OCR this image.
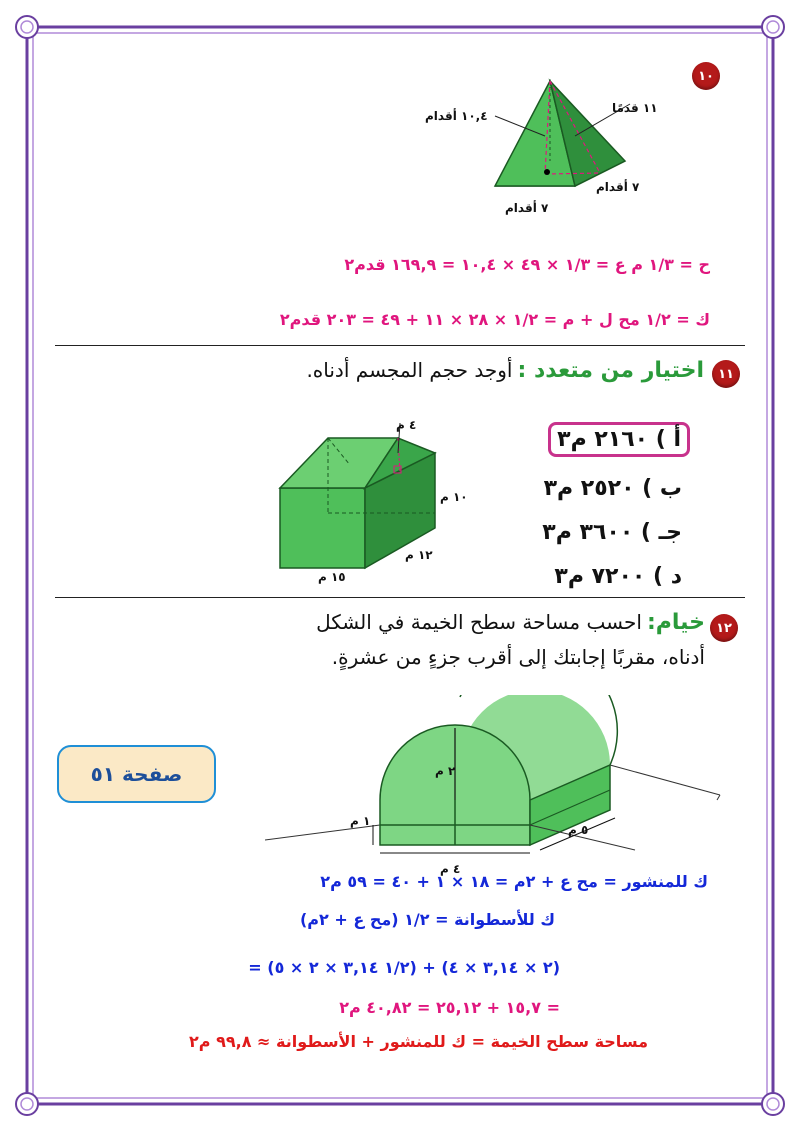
١٠
١٠,٤ أقدام
١١ قدمًا
٧ أقدام
٧ أقدام
ح = ١/٣ م ع = ١/٣ × ٤٩ × ١٠,٤ = ١٦٩,٩ قدم٢
ك = ١/٢ مح ل + م = ١/٢ × ٢٨ × ١١ + ٤٩ = ٢٠٣ قدم٢
١١
اختيار من متعدد : أوجد حجم المجسم أدناه.
٤ م
١٠ م
١٢ م
١٥ م
أ ) ٢١٦٠ م٣
ب ) ٢٥٢٠ م٣
جـ ) ٣٦٠٠ م٣
د ) ٧٢٠٠ م٣
١٢
خيام: احسب مساحة سطح الخيمة في الشكل
أدناه، مقربًا إجابتك إلى أقرب جزءٍ من عشرةٍ.
صفحة ٥١	٢ م
١ م
٤ م
٥ م
ك للمنشور = مح ع + ٢م = ١٨ × ١ + ٤٠ = ٥٩ م٢
ك للأسطوانة = ١/٢ (مح ع + ٢م)
= (١/٢ ٣,١٤ × ٢ × ٥) + (٢ × ٣,١٤ × ٤)
= ١٥,٧ + ٢٥,١٢ = ٤٠,٨٢ م٢
مساحة سطح الخيمة = ك للمنشور + الأسطوانة ≈ ٩٩,٨ م٢
